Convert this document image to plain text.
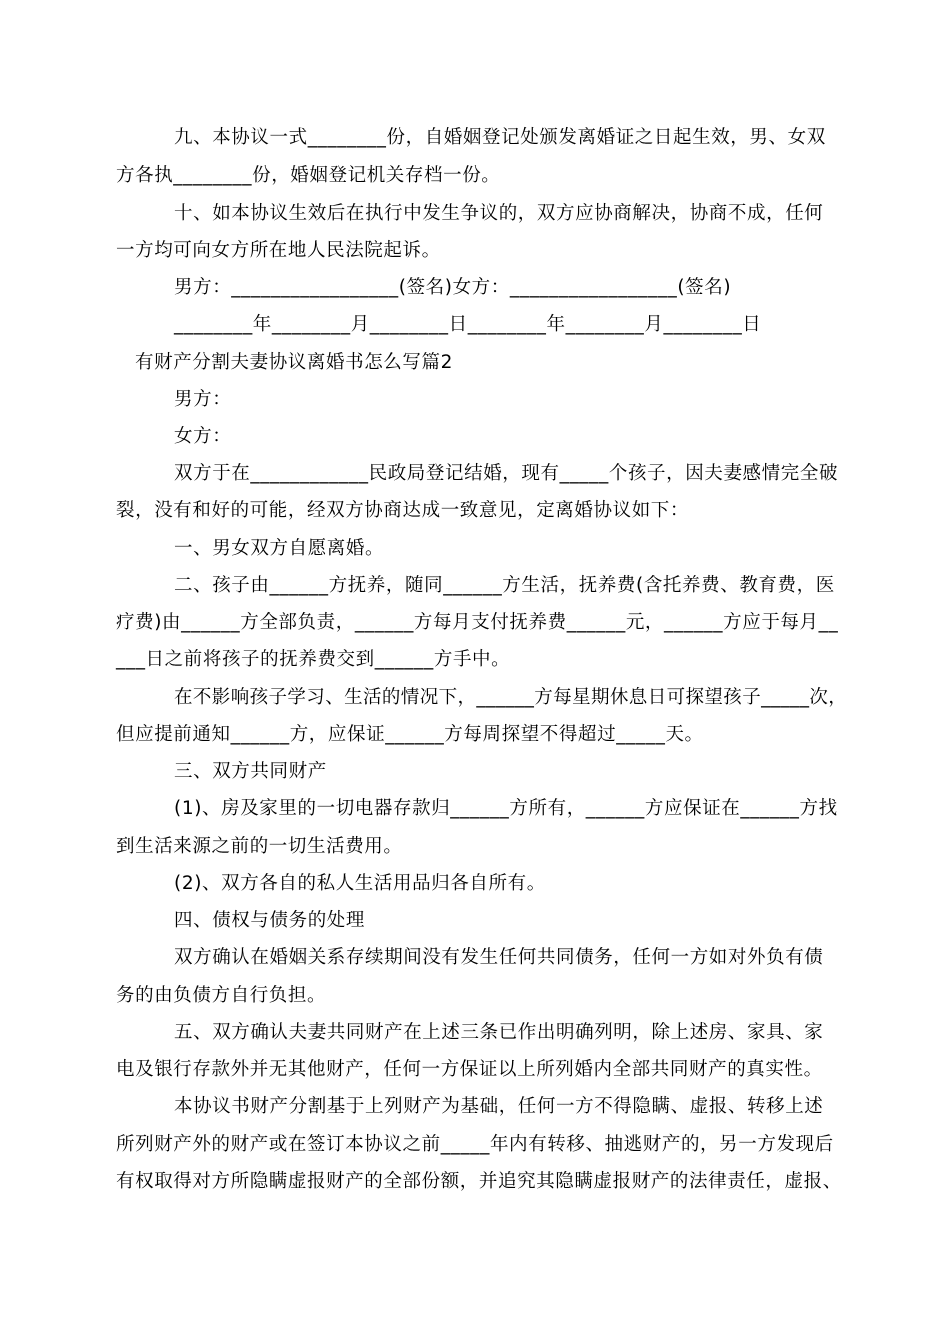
九、本协议一式________份，自婚姻登记处颁发离婚证之日起生效，男、女双
方各执________份，婚姻登记机关存档一份。
十、如本协议生效后在执行中发生争议的，双方应协商解决，协商不成，任何
一方均可向女方所在地人民法院起诉。
男方：_________________(签名)女方：_________________(签名)
________年________月________日________年________月________日
有财产分割夫妻协议离婚书怎么写篇2
男方：
女方：
双方于在____________民政局登记结婚，现有_____个孩子，因夫妻感情完全破
裂，没有和好的可能，经双方协商达成一致意见，定离婚协议如下：
一、男女双方自愿离婚。
二、孩子由______方抚养，随同______方生活，抚养费(含托养费、教育费，医
疗费)由______方全部负责，______方每月支付抚养费______元，______方应于每月__
___日之前将孩子的抚养费交到______方手中。
在不影响孩子学习、生活的情况下，______方每星期休息日可探望孩子_____次，
但应提前通知______方，应保证______方每周探望不得超过_____天。
三、双方共同财产
(1)、房及家里的一切电器存款归______方所有，______方应保证在______方找
到生活来源之前的一切生活费用。
(2)、双方各自的私人生活用品归各自所有。
四、债权与债务的处理
双方确认在婚姻关系存续期间没有发生任何共同债务，任何一方如对外负有债
务的由负债方自行负担。
五、双方确认夫妻共同财产在上述三条已作出明确列明，除上述房、家具、家
电及银行存款外并无其他财产，任何一方保证以上所列婚内全部共同财产的真实性。
本协议书财产分割基于上列财产为基础，任何一方不得隐瞒、虚报、转移上述
所列财产外的财产或在签订本协议之前_____年内有转移、抽逃财产的，另一方发现后
有权取得对方所隐瞒虚报财产的全部份额，并追究其隐瞒虚报财产的法律责任，虚报、
